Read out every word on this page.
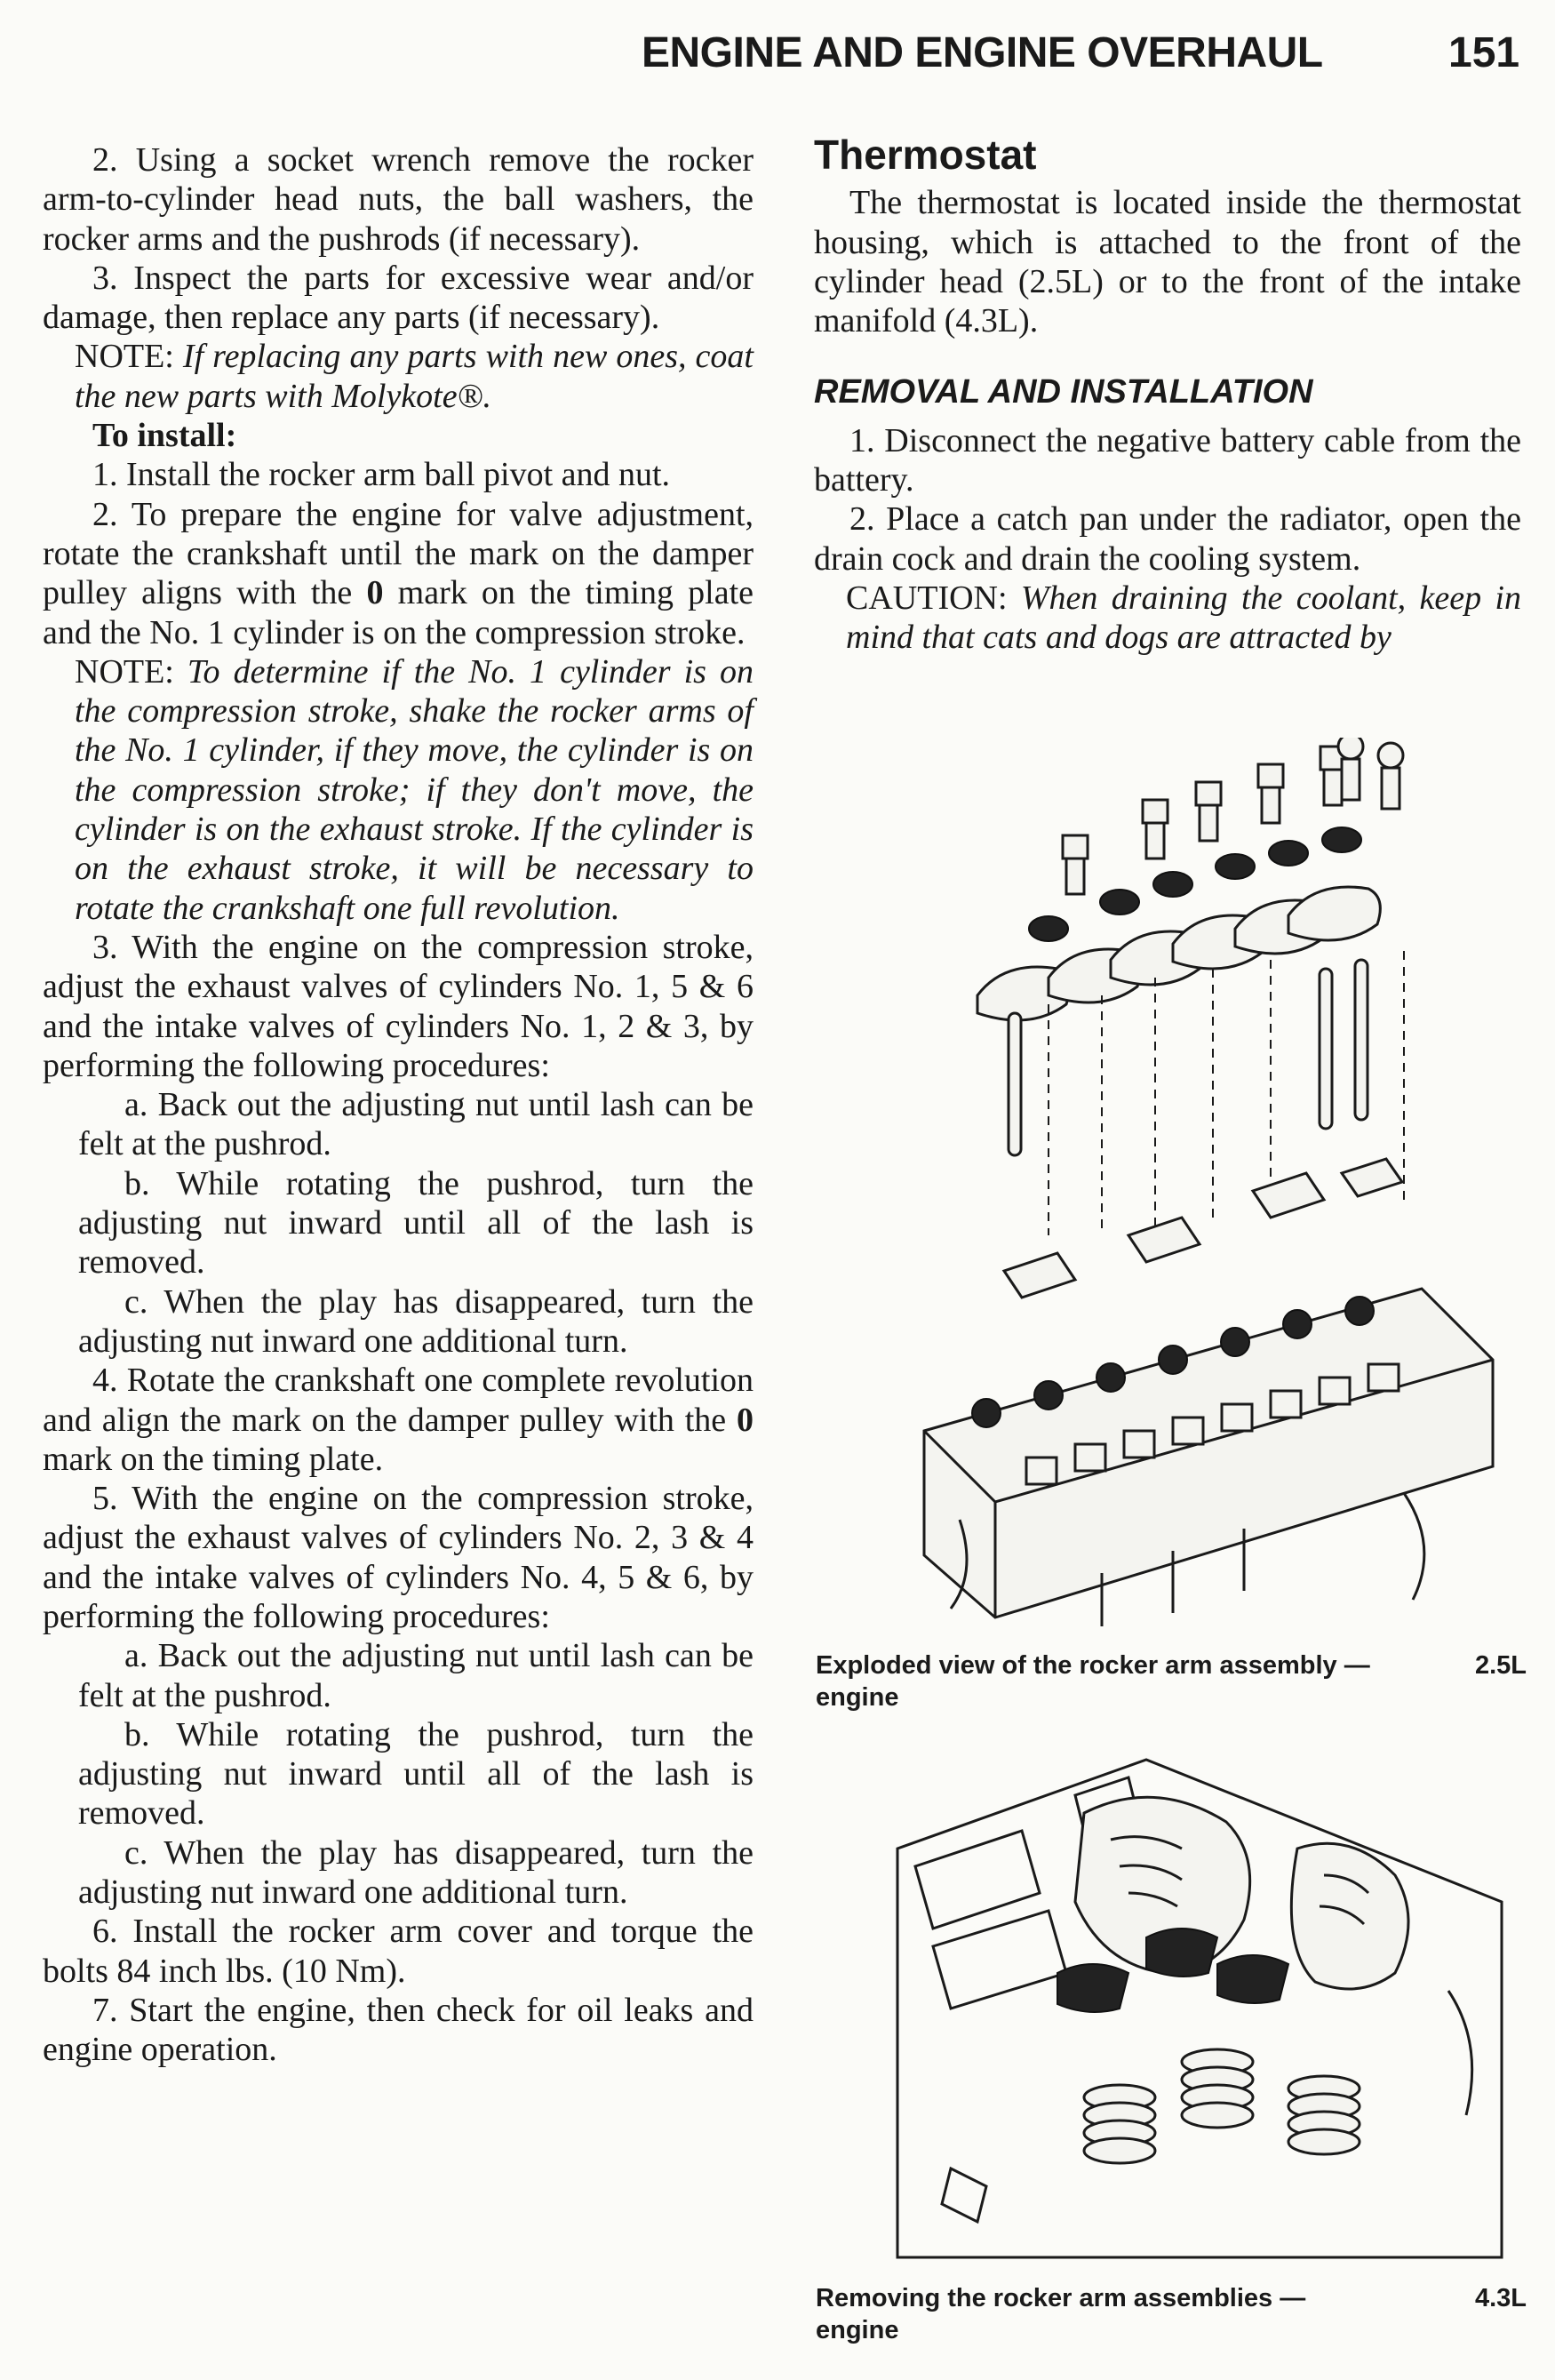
ENGINE AND ENGINE OVERHAUL	151

2. Using a socket wrench remove the rocker arm-to-cylinder head nuts, the ball washers, the rocker arms and the pushrods (if necessary).

3. Inspect the parts for excessive wear and/or damage, then replace any parts (if necessary).

NOTE: If replacing any parts with new ones, coat the new parts with Molykote®.

To install:

1. Install the rocker arm ball pivot and nut.

2. To prepare the engine for valve adjustment, rotate the crankshaft until the mark on the damper pulley aligns with the 0 mark on the timing plate and the No. 1 cylinder is on the compression stroke.

NOTE: To determine if the No. 1 cylinder is on the compression stroke, shake the rocker arms of the No. 1 cylinder, if they move, the cylinder is on the compression stroke; if they don't move, the cylinder is on the exhaust stroke. If the cylinder is on the exhaust stroke, it will be necessary to rotate the crankshaft one full revolution.

3. With the engine on the compression stroke, adjust the exhaust valves of cylinders No. 1, 5 & 6 and the intake valves of cylinders No. 1, 2 & 3, by performing the following procedures:

a. Back out the adjusting nut until lash can be felt at the pushrod.

b. While rotating the pushrod, turn the adjusting nut inward until all of the lash is removed.

c. When the play has disappeared, turn the adjusting nut inward one additional turn.

4. Rotate the crankshaft one complete revolution and align the mark on the damper pulley with the 0 mark on the timing plate.

5. With the engine on the compression stroke, adjust the exhaust valves of cylinders No. 2, 3 & 4 and the intake valves of cylinders No. 4, 5 & 6, by performing the following procedures:

a. Back out the adjusting nut until lash can be felt at the pushrod.

b. While rotating the pushrod, turn the adjusting nut inward until all of the lash is removed.

c. When the play has disappeared, turn the adjusting nut inward one additional turn.

6. Install the rocker arm cover and torque the bolts 84 inch lbs. (10 Nm).

7. Start the engine, then check for oil leaks and engine operation.

Thermostat

The thermostat is located inside the thermostat housing, which is attached to the front of the cylinder head (2.5L) or to the front of the intake manifold (4.3L).

REMOVAL AND INSTALLATION

1. Disconnect the negative battery cable from the battery.

2. Place a catch pan under the radiator, open the drain cock and drain the cooling system.

CAUTION: When draining the coolant, keep in mind that cats and dogs are attracted by

Exploded view of the rocker arm assembly —	2.5L
engine
Removing the rocker arm assemblies —	4.3L
engine
